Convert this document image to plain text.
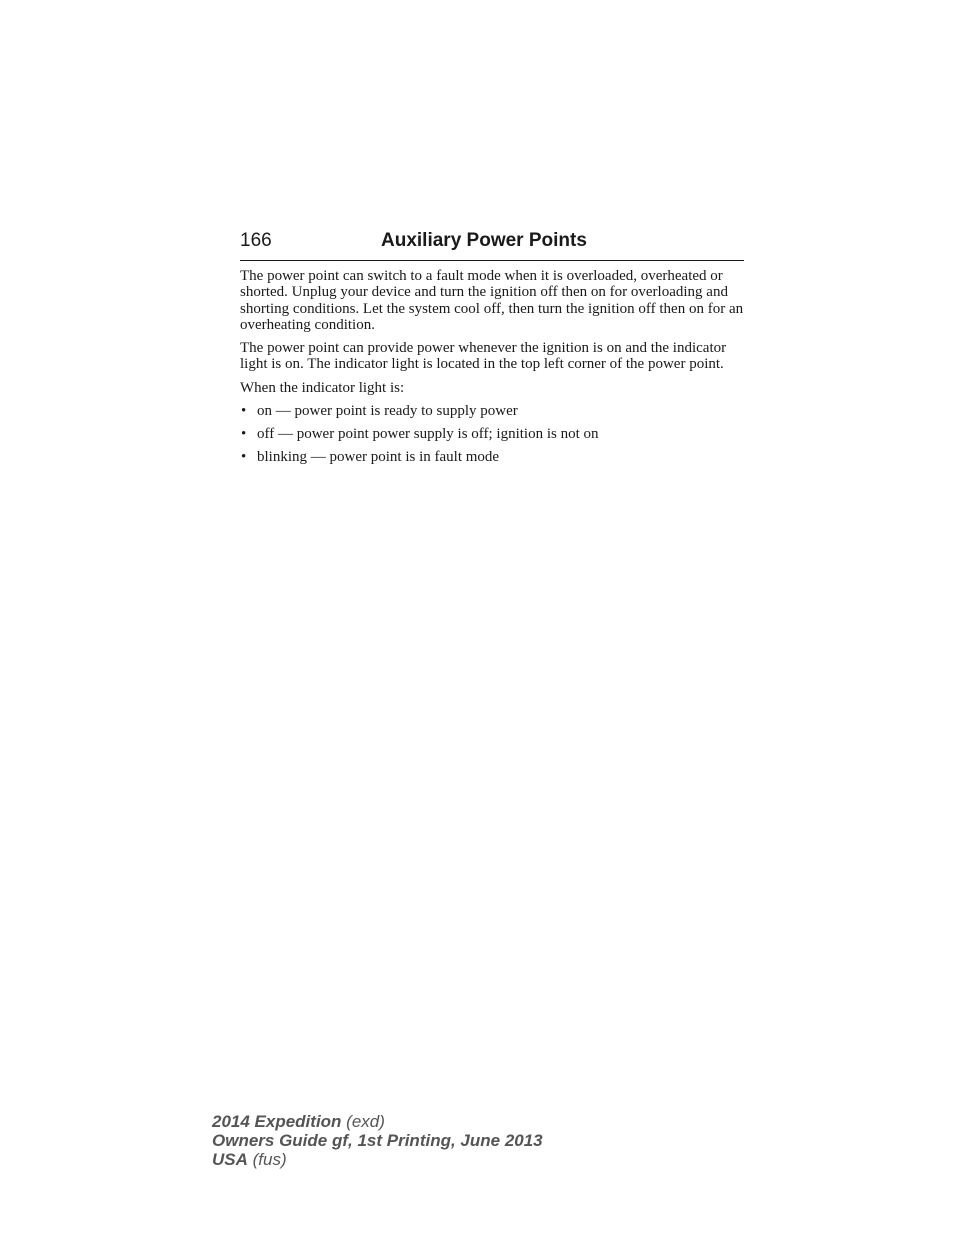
166	Auxiliary Power Points

The power point can switch to a fault mode when it is overloaded, overheated or shorted. Unplug your device and turn the ignition off then on for overloading and shorting conditions. Let the system cool off, then turn the ignition off then on for an overheating condition.

The power point can provide power whenever the ignition is on and the indicator light is on. The indicator light is located in the top left corner of the power point.

When the indicator light is:

• on — power point is ready to supply power
• off — power point power supply is off; ignition is not on
• blinking — power point is in fault mode
2014 Expedition (exd)
Owners Guide gf, 1st Printing, June 2013
USA (fus)
